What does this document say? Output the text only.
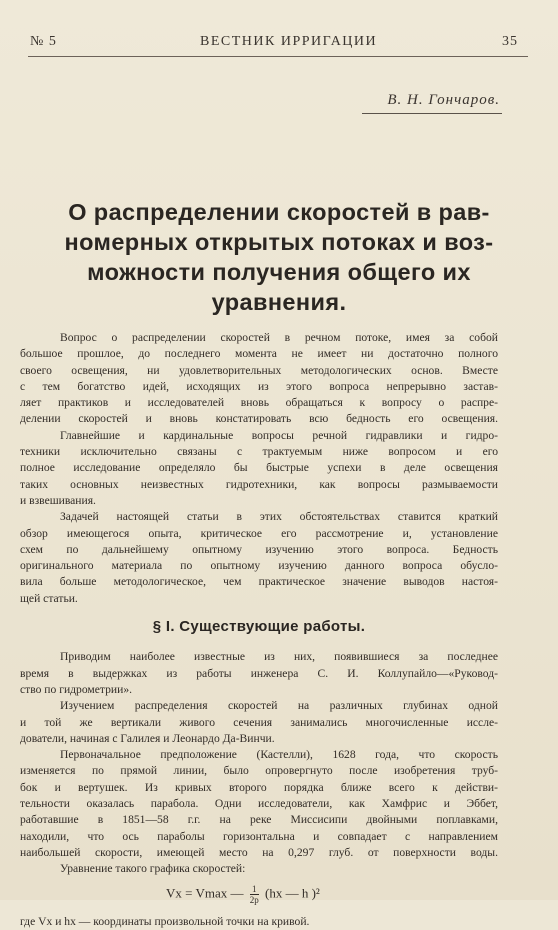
№ 5	ВЕСТНИК ИРРИГАЦИИ	35
В. Н. Гончаров.
О распределении скоростей в рав-
номерных открытых потоках и воз-
можности получения общего их
уравнения.
Вопрос о распределении скоростей в речном потоке, имея за собой
большое прошлое, до последнего момента не имеет ни достаточно полного
своего освещения, ни удовлетворительных методологических основ. Вместе
с тем богатство идей, исходящих из этого вопроса непрерывно застав-
ляет практиков и исследователей вновь обращаться к вопросу о распре-
делении скоростей и вновь констатировать всю бедность его освещения.
Главнейшие и кардинальные вопросы речной гидравлики и гидро-
техники исключительно связаны с трактуемым ниже вопросом и его
полное исследование определяло бы быстрые успехи в деле освещения
таких основных неизвестных гидротехники, как вопросы размываемости
и взвешивания.
Задачей настоящей статьи в этих обстоятельствах ставится краткий
обзор имеющегося опыта, критическое его рассмотрение и, установление
схем по дальнейшему опытному изучению этого вопроса. Бедность
оригинального материала по опытному изучению данного вопроса обусло-
вила больше методологическое, чем практическое значение выводов настоя-
щей статьи.
§ I. Существующие работы.
Приводим наиболее известные из них, появившиеся за последнее
время в выдержках из работы инженера С. И. Коллупайло—«Руковод-
ство по гидрометрии».
Изучением распределения скоростей на различных глубинах одной
и той же вертикали живого сечения занимались многочисленные иссле-
дователи, начиная с Галилея и Леонардо Да-Винчи.
Первоначальное предположение (Кастелли), 1628 года, что скорость
изменяется по прямой линии, было опровергнуто после изобретения труб-
бок и вертушек. Из кривых второго порядка ближе всего к действи-
тельности оказалась парабола. Одни исследователи, как Хамфрис и Эббет,
работавшие в 1851—58 г.г. на реке Миссисипи двойными поплавками,
находили, что ось параболы горизонтальна и совпадает с направлением
наибольшей скорости, имеющей место на 0,297 глуб. от поверхности воды.
Уравнение такого графика скоростей:
Vx = Vmax — $\frac{1}{2p} (hx$ — h )²
где Vx и hx — координаты произвольной точки на кривой.
